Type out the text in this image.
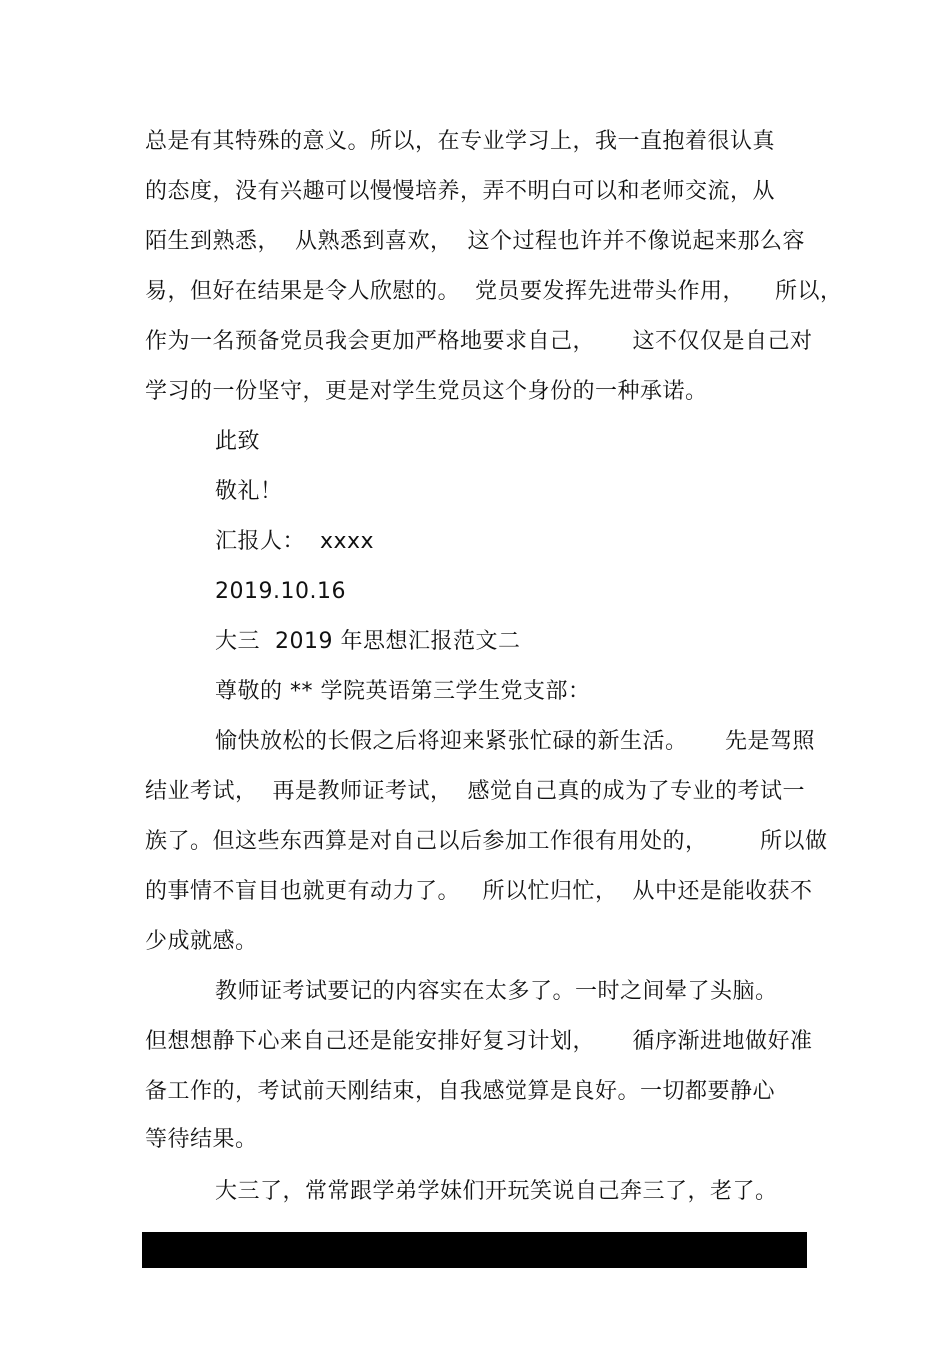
总是有其特殊的意义。所以，在专业学习上，我一直抱着很认真
的态度，没有兴趣可以慢慢培养，弄不明白可以和老师交流，从
陌生到熟悉，  从熟悉到喜欢，  这个过程也许并不像说起来那么容
易，但好在结果是令人欣慰的。  党员要发挥先进带头作用，    所以，
作为一名预备党员我会更加严格地要求自己，     这不仅仅是自己对
学习的一份坚守，更是对学生党员这个身份的一种承诺。
此致
敬礼！
汇报人：  xxxx
2019.10.16
大三  2019 年思想汇报范文二
尊敬的 ** 学院英语第三学生党支部：
愉快放松的长假之后将迎来紧张忙碌的新生活。     先是驾照
结业考试，  再是教师证考试，  感觉自己真的成为了专业的考试一
族了。但这些东西算是对自己以后参加工作很有用处的，       所以做
的事情不盲目也就更有动力了。   所以忙归忙，  从中还是能收获不
少成就感。
教师证考试要记的内容实在太多了。一时之间晕了头脑。
但想想静下心来自己还是能安排好复习计划，     循序渐进地做好准
备工作的，考试前天刚结束，自我感觉算是良好。一切都要静心
等待结果。
大三了，常常跟学弟学妹们开玩笑说自己奔三了，老了。
